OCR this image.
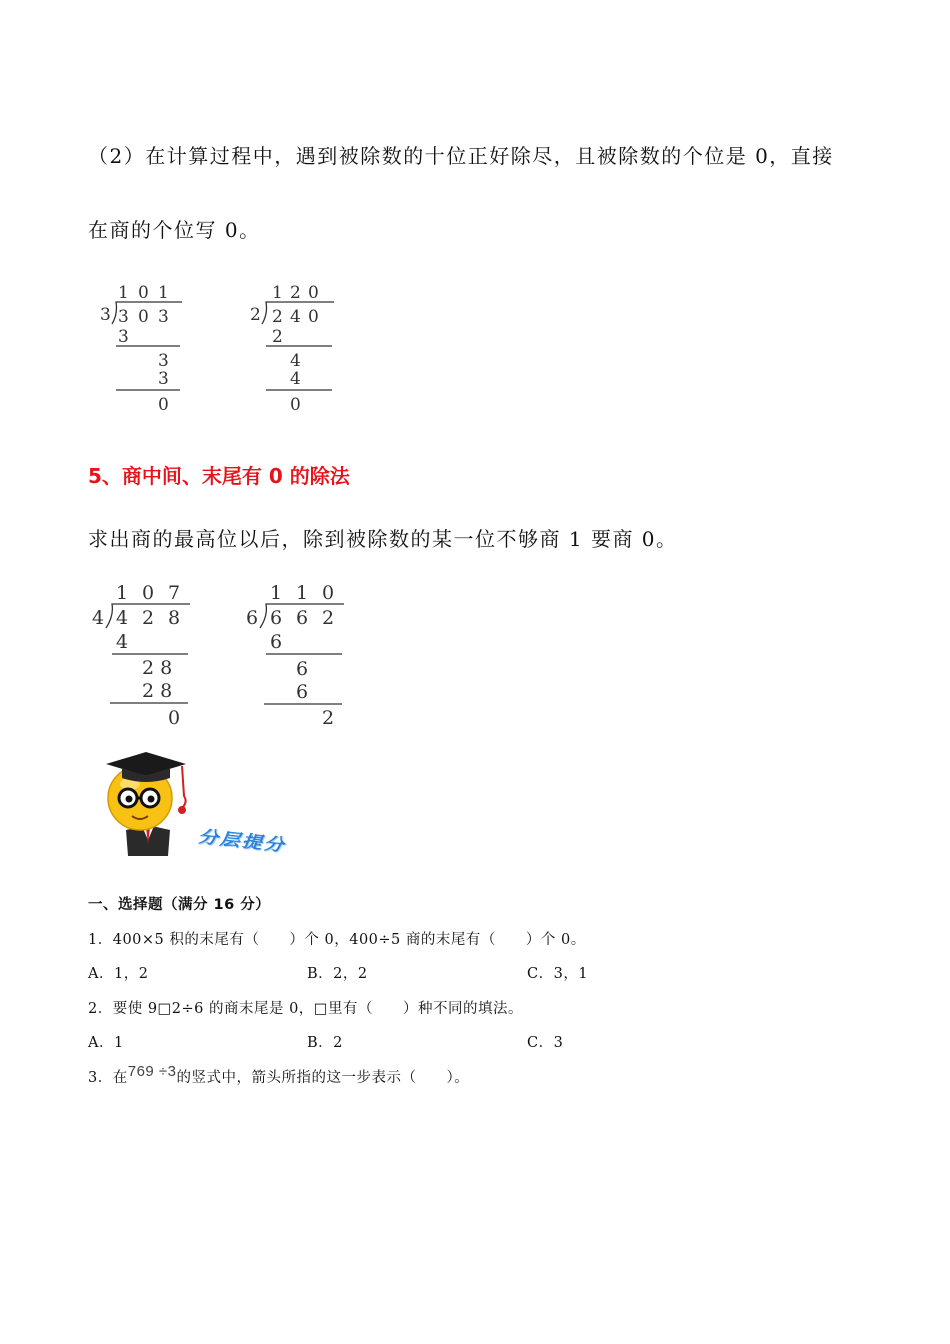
（2）在计算过程中，遇到被除数的十位正好除尽，且被除数的个位是 0，直接
在商的个位写 0。
1 0 1
3 3 0 3
3
3
3
0
1 2 0
2 2 4 0
2
4
4
0
5、商中间、末尾有 0 的除法
求出商的最高位以后，除到被除数的某一位不够商 1 要商 0。
1 0 7
4 4 2 8
4
2 8
2 8
0
1 1 0
6 6 6 2
6
6
6
2
分层提分
一、选择题（满分 16 分）
1．400×5 积的末尾有（　　）个 0，400÷5 商的末尾有（　　）个 0。
A．1，2	B．2，2	C．3，1
2．要使 9□2÷6 的商末尾是 0，□里有（　　）种不同的填法。
A．1	B．2	C．3
3．在769 ÷3的竖式中，箭头所指的这一步表示（　　）。
